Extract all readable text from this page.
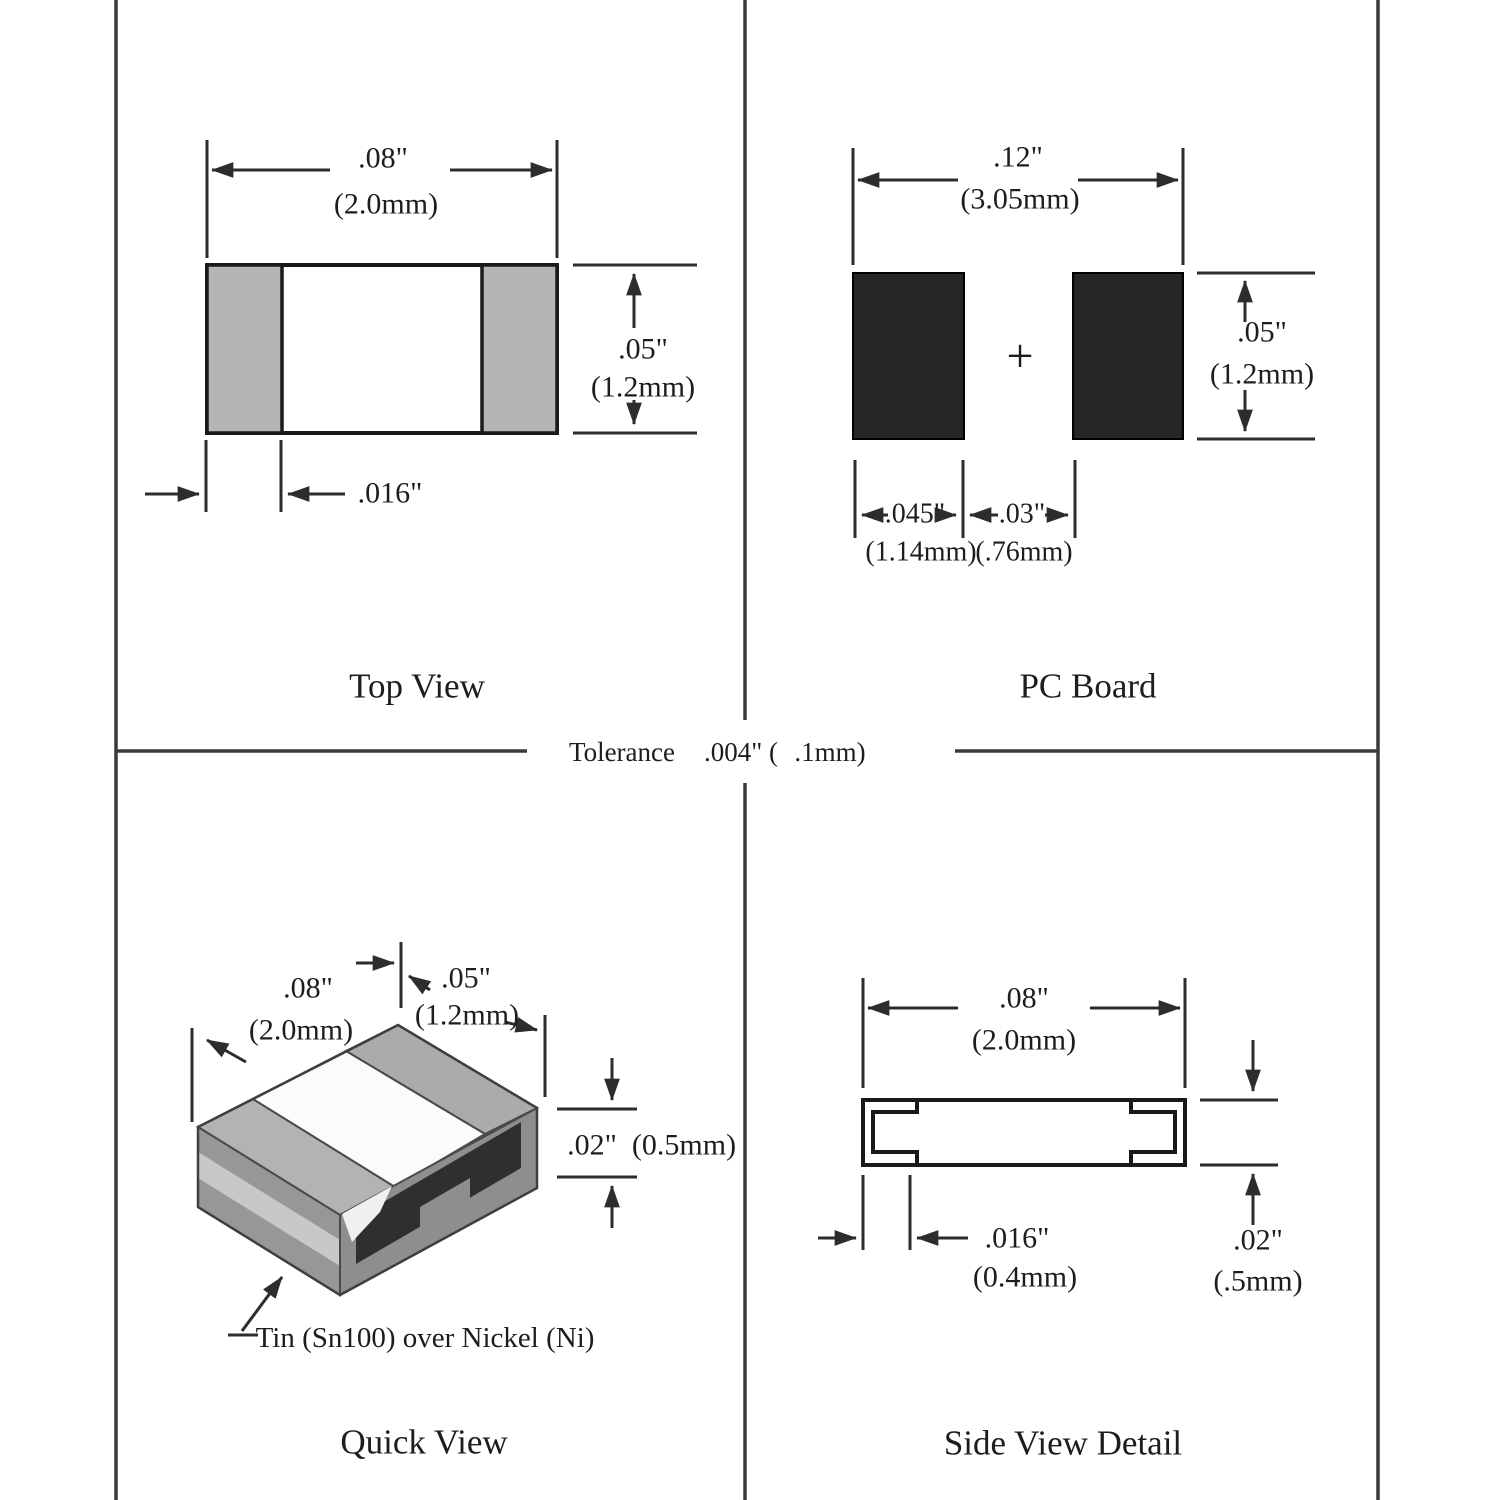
Tolerance .004" ( .1mm)
.08"
(2.0mm)
.05"
(1.2mm)
.016"
Top View
+
.12"
(3.05mm)
.05"
(1.2mm)
.045" .03"
(1.14mm)
(.76mm)
PC Board
.08"
(2.0mm)
.05"
(1.2mm)
.02" (0.5mm)
Tin (Sn100) over Nickel (Ni)
Quick View
.08"
(2.0mm)
.016"
(0.4mm)
.02"
(.5mm)
Side View Detail
